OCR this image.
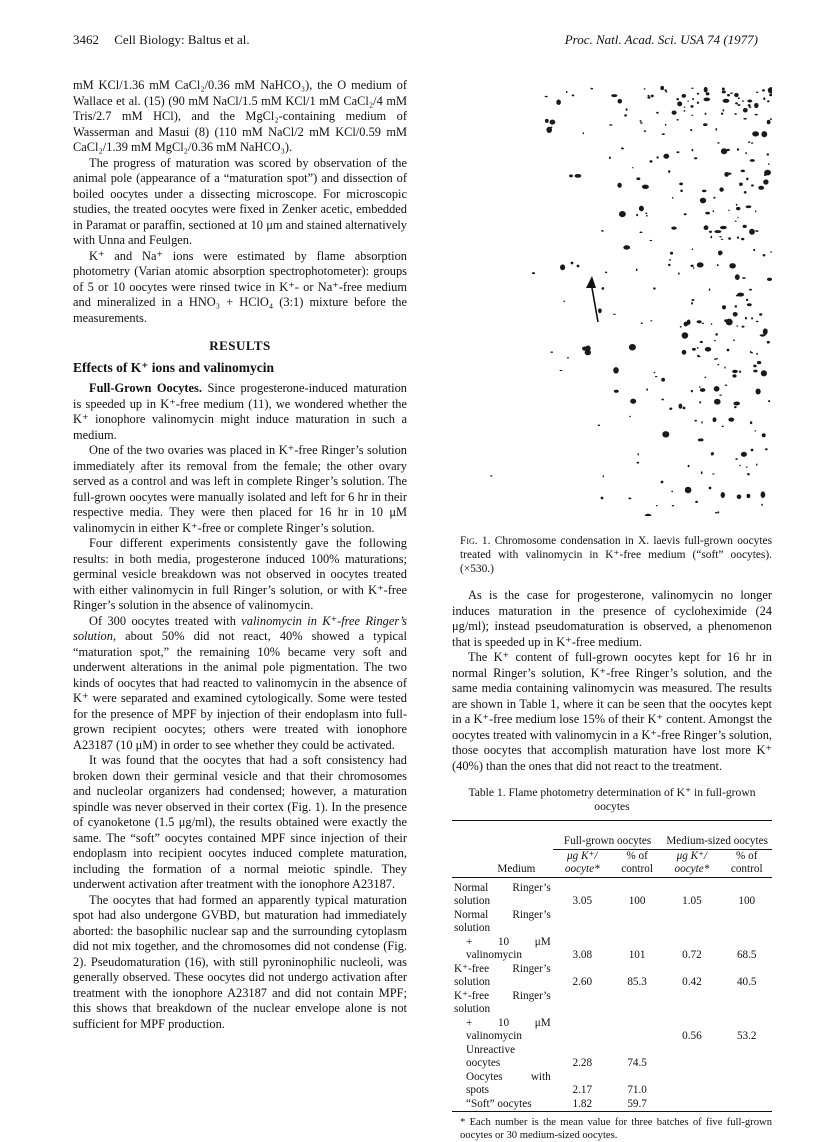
3462 Cell Biology: Baltus et al.	Proc. Natl. Acad. Sci. USA 74 (1977)

mM KCl/1.36 mM CaCl₂/0.36 mM NaHCO₃), the O medium of Wallace et al. (15) (90 mM NaCl/1.5 mM KCl/1 mM CaCl₂/4 mM Tris/2.7 mM HCl), and the MgCl₂-containing medium of Wasserman and Masui (8) (110 mM NaCl/2 mM KCl/0.59 mM CaCl₂/1.39 mM MgCl₂/0.36 mM NaHCO₃).

The progress of maturation was scored by observation of the animal pole (appearance of a “maturation spot”) and dissection of boiled oocytes under a dissecting microscope. For microscopic studies, the treated oocytes were fixed in Zenker acetic, embedded in Paramat or paraffin, sectioned at 10 μm and stained alternatively with Unna and Feulgen.

K⁺ and Na⁺ ions were estimated by flame absorption photometry (Varian atomic absorption spectrophotometer): groups of 5 or 10 oocytes were rinsed twice in K⁺- or Na⁺-free medium and mineralized in a HNO₃ + HClO₄ (3:1) mixture before the measurements.

RESULTS

Effects of K⁺ ions and valinomycin

Full-Grown Oocytes. Since progesterone-induced maturation is speeded up in K⁺-free medium (11), we wondered whether the K⁺ ionophore valinomycin might induce maturation in such a medium.

One of the two ovaries was placed in K⁺-free Ringer’s solution immediately after its removal from the female; the other ovary served as a control and was left in complete Ringer’s solution. The full-grown oocytes were manually isolated and left for 6 hr in their respective media. They were then placed for 16 hr in 10 μM valinomycin in either K⁺-free or complete Ringer’s solution.

Four different experiments consistently gave the following results: in both media, progesterone induced 100% maturations; germinal vesicle breakdown was not observed in oocytes treated with either valinomycin in full Ringer’s solution, or with K⁺-free Ringer’s solution in the absence of valinomycin.

Of 300 oocytes treated with valinomycin in K⁺-free Ringer’s solution, about 50% did not react, 40% showed a typical “maturation spot,” the remaining 10% became very soft and underwent alterations in the animal pole pigmentation. The two kinds of oocytes that had reacted to valinomycin in the absence of K⁺ were separated and examined cytologically. Some were tested for the presence of MPF by injection of their endoplasm into full-grown recipient oocytes; others were treated with ionophore A23187 (10 μM) in order to see whether they could be activated.

It was found that the oocytes that had a soft consistency had broken down their germinal vesicle and that their chromosomes and nucleolar organizers had condensed; however, a maturation spindle was never observed in their cortex (Fig. 1). In the presence of cyanoketone (1.5 μg/ml), the results obtained were exactly the same. The “soft” oocytes contained MPF since injection of their endoplasm into recipient oocytes induced complete maturation, including the formation of a normal meiotic spindle. They underwent activation after treatment with the ionophore A23187.

The oocytes that had formed an apparently typical maturation spot had also undergone GVBD, but maturation had immediately aborted: the basophilic nuclear sap and the surrounding cytoplasm did not mix together, and the chromosomes did not condense (Fig. 2). Pseudomaturation (16), with still pyroninophilic nucleoli, was generally observed. These oocytes did not undergo activation after treatment with the ionophore A23187 and did not contain MPF; this shows that breakdown of the nuclear envelope alone is not sufficient for MPF production.

Fig. 1. Chromosome condensation in X. laevis full-grown oocytes treated with valinomycin in K⁺-free medium (“soft” oocytes). (×530.)

As is the case for progesterone, valinomycin no longer induces maturation in the presence of cycloheximide (24 μg/ml); instead pseudomaturation is observed, a phenomenon that is speeded up in K⁺-free medium.

The K⁺ content of full-grown oocytes kept for 16 hr in normal Ringer’s solution, K⁺-free Ringer’s solution, and the same media containing valinomycin was measured. The results are shown in Table 1, where it can be seen that the oocytes kept in a K⁺-free medium lose 15% of their K⁺ content. Amongst the oocytes treated with valinomycin in a K⁺-free Ringer’s solution, those oocytes that accomplish maturation have lost more K⁺ (40%) than the ones that did not react to the treatment.

Table 1. Flame photometry determination of K⁺ in full-grown oocytes

	Full-grown oocytes		Medium-sized oocytes	
Medium	μg K⁺/ oocyte*	% of control	μg K⁺/ oocyte*	% of control
Normal Ringer’s solution	3.05	100	1.05	100
Normal Ringer’s solution				
+ 10 μM valinomycin	3.08	101	0.72	68.5
K⁺-free Ringer’s solution	2.60	85.3	0.42	40.5
K⁺-free Ringer’s solution				
+ 10 μM valinomycin			0.56	53.2
Unreactive oocytes	2.28	74.5		
Oocytes with spots	2.17	71.0		
“Soft” oocytes	1.82	59.7		

* Each number is the mean value for three batches of five full-grown oocytes or 30 medium-sized oocytes.
